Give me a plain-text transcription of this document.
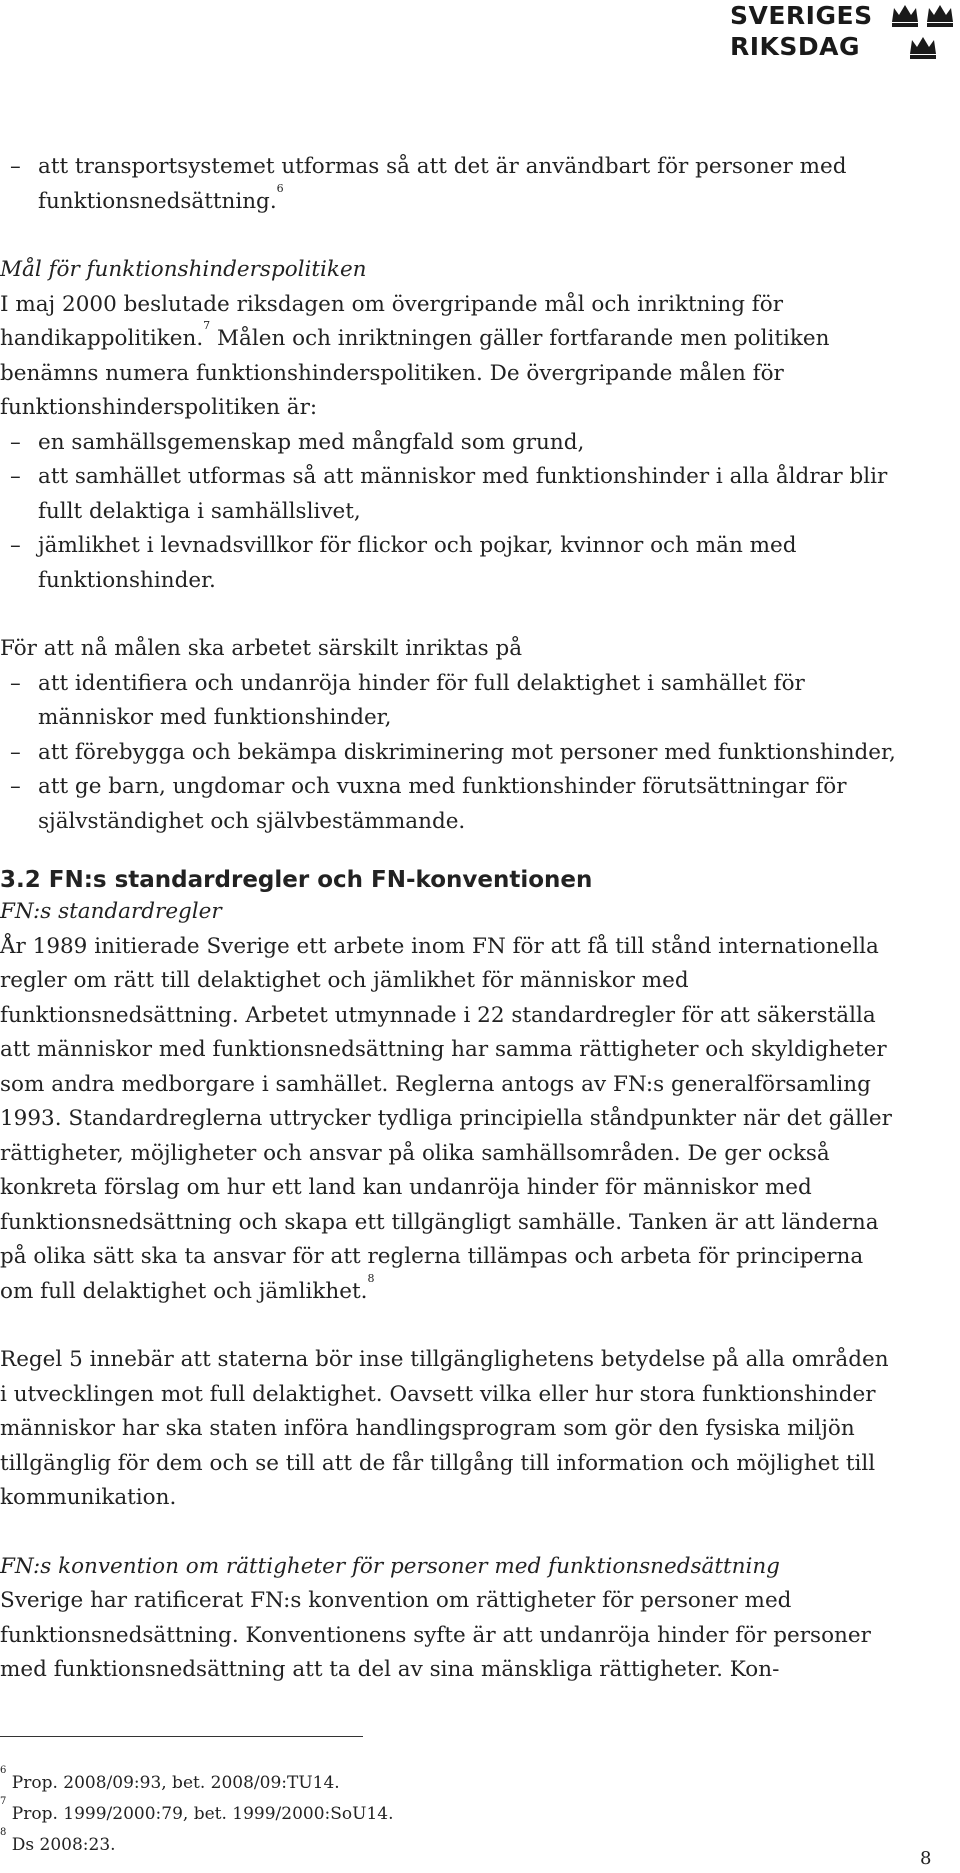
SVERIGES
RIKSDAG
– att transportsystemet utformas så att det är användbart för personer med funktionsnedsättning.$^6$

Mål för funktionshinderspolitiken

I maj 2000 beslutade riksdagen om övergripande mål och inriktning för handikappolitiken.$^7$ Målen och inriktningen gäller fortfarande men politiken benämns numera funktionshinderspolitiken. De övergripande målen för funktionshinderspolitiken är:

– en samhällsgemenskap med mångfald som grund,
– att samhället utformas så att människor med funktionshinder i alla åldrar blir fullt delaktiga i samhällslivet,
– jämlikhet i levnadsvillkor för flickor och pojkar, kvinnor och män med funktionshinder.

För att nå målen ska arbetet särskilt inriktas på

– att identifiera och undanröja hinder för full delaktighet i samhället för människor med funktionshinder,
– att förebygga och bekämpa diskriminering mot personer med funktionshinder,
– att ge barn, ungdomar och vuxna med funktionshinder förutsättningar för självständighet och självbestämmande.

3.2 FN:s standardregler och FN-konventionen

FN:s standardregler

År 1989 initierade Sverige ett arbete inom FN för att få till stånd internationella regler om rätt till delaktighet och jämlikhet för människor med funktionsnedsättning. Arbetet utmynnade i 22 standardregler för att säkerställa att människor med funktionsnedsättning har samma rättigheter och skyldigheter som andra medborgare i samhället. Reglerna antogs av FN:s generalförsamling 1993. Standardreglerna uttrycker tydliga principiella ståndpunkter när det gäller rättigheter, möjligheter och ansvar på olika samhällsområden. De ger också konkreta förslag om hur ett land kan undanröja hinder för människor med funktionsnedsättning och skapa ett tillgängligt samhälle. Tanken är att länderna på olika sätt ska ta ansvar för att reglerna tillämpas och arbeta för principerna om full delaktighet och jämlikhet.$^8$

Regel 5 innebär att staterna bör inse tillgänglighetens betydelse på alla områden i utvecklingen mot full delaktighet. Oavsett vilka eller hur stora funktionshinder människor har ska staten införa handlingsprogram som gör den fysiska miljön tillgänglig för dem och se till att de får tillgång till information och möjlighet till kommunikation.

FN:s konvention om rättigheter för personer med funktionsnedsättning

Sverige har ratificerat FN:s konvention om rättigheter för personer med funktionsnedsättning. Konventionens syfte är att undanröja hinder för personer med funktionsnedsättning att ta del av sina mänskliga rättigheter. Kon-

$^6$ Prop. 2008/09:93, bet. 2008/09:TU14.
$^7$ Prop. 1999/2000:79, bet. 1999/2000:SoU14.
$^8$ Ds 2008:23.
8
